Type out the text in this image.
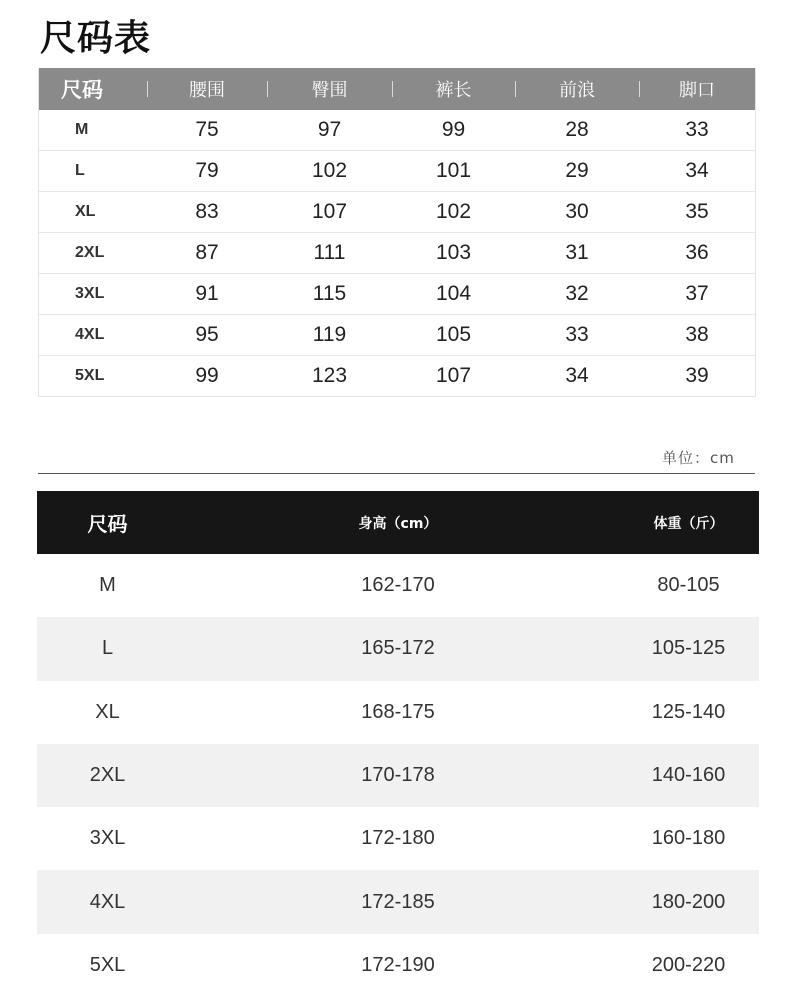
尺码表
尺码	腰围	臀围	裤长	前浪	脚口
M	75	97	99	28	33
L	79	102	101	29	34
XL	83	107	102	30	35
2XL	87	111	103	31	36
3XL	91	115	104	32	37
4XL	95	119	105	33	38
5XL	99	123	107	34	39
单位：cm
尺码	身高（cm）	体重（斤）
M	162-170	80-105
L	165-172	105-125
XL	168-175	125-140
2XL	170-178	140-160
3XL	172-180	160-180
4XL	172-185	180-200
5XL	172-190	200-220
